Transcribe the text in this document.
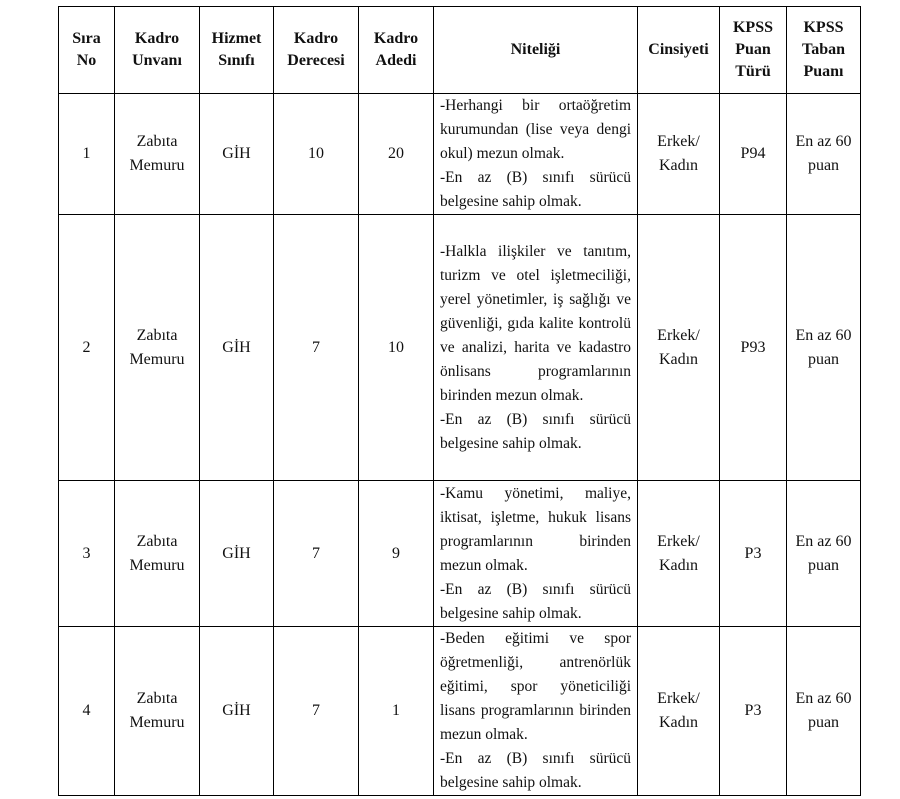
Sıra No	Kadro Unvanı	Hizmet Sınıfı	Kadro Derecesi	Kadro Adedi	Niteliği	Cinsiyeti	KPSS Puan Türü	KPSS Taban Puanı
1	Zabıta Memuru	GİH	10	20	-Herhangi bir ortaöğretim kurumundan (lise veya dengi okul) mezun olmak.
-En az (B) sınıfı sürücü belgesine sahip olmak.	Erkek/ Kadın	P94	En az 60 puan
2	Zabıta Memuru	GİH	7	10	-Halkla ilişkiler ve tanıtım, turizm ve otel işletmeciliği, yerel yönetimler, iş sağlığı ve güvenliği, gıda kalite kontrolü ve analizi, harita ve kadastro önlisans programlarının birinden mezun olmak.
-En az (B) sınıfı sürücü belgesine sahip olmak.	Erkek/ Kadın	P93	En az 60 puan
3	Zabıta Memuru	GİH	7	9	-Kamu yönetimi, maliye, iktisat, işletme, hukuk lisans programlarının birinden mezun olmak.
-En az (B) sınıfı sürücü belgesine sahip olmak.	Erkek/ Kadın	P3	En az 60 puan
4	Zabıta Memuru	GİH	7	1	-Beden eğitimi ve spor öğretmenliği, antrenörlük eğitimi, spor yöneticiliği lisans programlarının birinden mezun olmak.
-En az (B) sınıfı sürücü belgesine sahip olmak.	Erkek/ Kadın	P3	En az 60 puan
